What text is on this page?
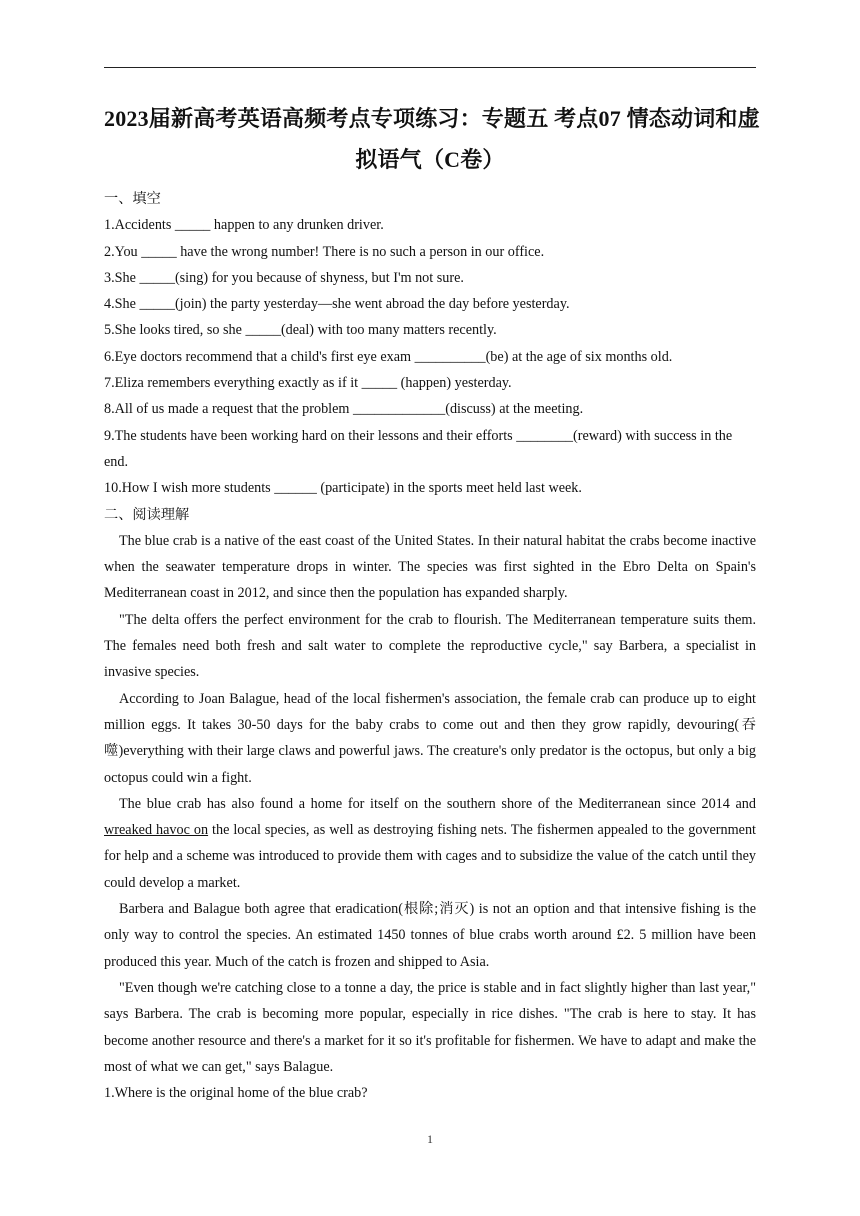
2023届新高考英语高频考点专项练习：专题五 考点07 情态动词和虚
拟语气（C卷）

一、填空

1.Accidents _____ happen to any drunken driver.

2.You _____ have the wrong number! There is no such a person in our office.

3.She _____(sing) for you because of shyness, but I'm not sure.

4.She _____(join) the party yesterday—she went abroad the day before yesterday.

5.She looks tired, so she _____(deal) with too many matters recently.

6.Eye doctors recommend that a child's first eye exam __________(be) at the age of six months old.

7.Eliza remembers everything exactly as if it _____ (happen) yesterday.

8.All of us made a request that the problem _____________(discuss) at the meeting.

9.The students have been working hard on their lessons and their efforts ________(reward) with success in the end.

10.How I wish more students ______ (participate) in the sports meet held last week.

二、阅读理解

The blue crab is a native of the east coast of the United States. In their natural habitat the crabs become inactive when the seawater temperature drops in winter. The species was first sighted in the Ebro Delta on Spain's Mediterranean coast in 2012, and since then the population has expanded sharply.

"The delta offers the perfect environment for the crab to flourish. The Mediterranean temperature suits them. The females need both fresh and salt water to complete the reproductive cycle," say Barbera, a specialist in invasive species.

According to Joan Balague, head of the local fishermen's association, the female crab can produce up to eight million eggs. It takes 30-50 days for the baby crabs to come out and then they grow rapidly, devouring(吞噬)everything with their large claws and powerful jaws. The creature's only predator is the octopus, but only a big octopus could win a fight.

The blue crab has also found a home for itself on the southern shore of the Mediterranean since 2014 and wreaked havoc on the local species, as well as destroying fishing nets. The fishermen appealed to the government for help and a scheme was introduced to provide them with cages and to subsidize the value of the catch until they could develop a market.

Barbera and Balague both agree that eradication(根除;消灭) is not an option and that intensive fishing is the only way to control the species. An estimated 1450 tonnes of blue crabs worth around £2. 5 million have been produced this year. Much of the catch is frozen and shipped to Asia.

"Even though we're catching close to a tonne a day, the price is stable and in fact slightly higher than last year," says Barbera. The crab is becoming more popular, especially in rice dishes. "The crab is here to stay. It has become another resource and there's a market for it so it's profitable for fishermen. We have to adapt and make the most of what we can get," says Balague.

1.Where is the original home of the blue crab?

1
